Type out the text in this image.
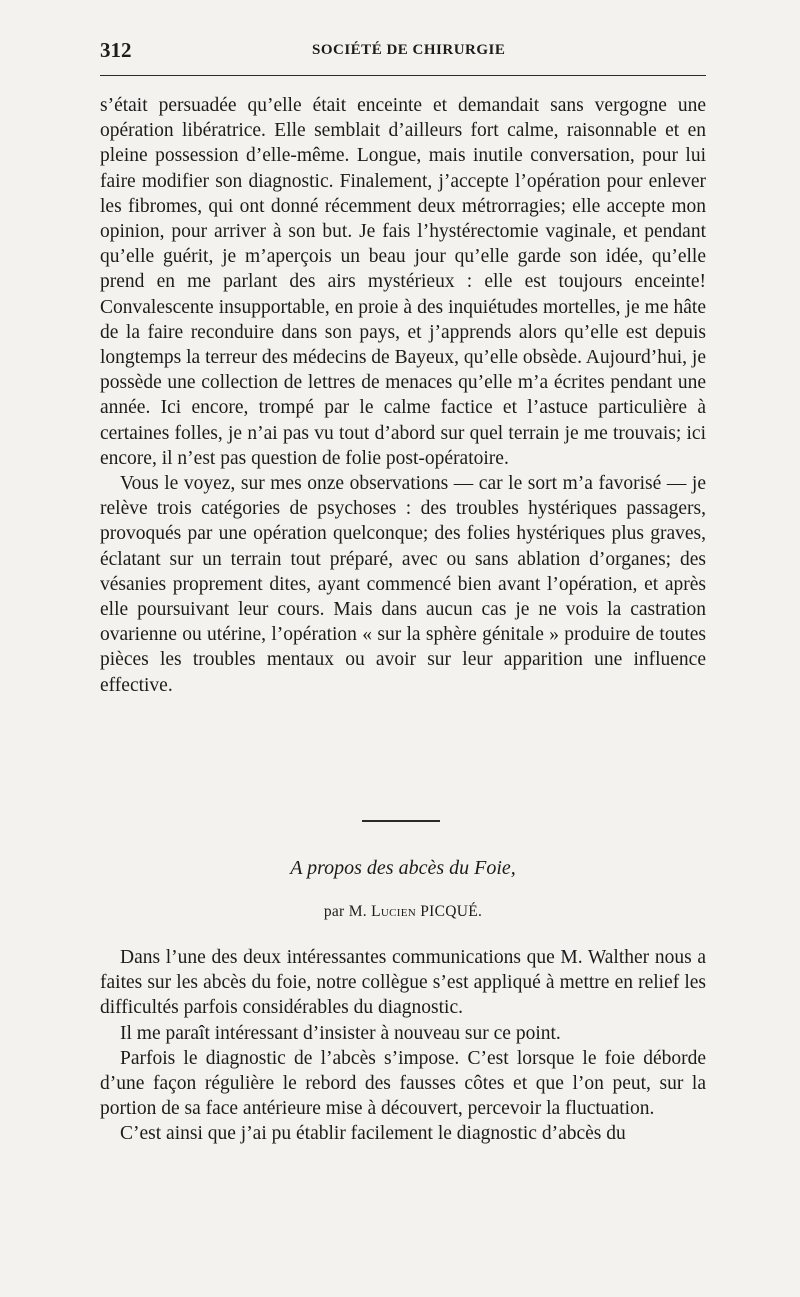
312	SOCIÉTÉ DE CHIRURGIE

s’était persuadée qu’elle était enceinte et demandait sans vergogne une opération libératrice. Elle semblait d’ailleurs fort calme, raisonnable et en pleine possession d’elle-même. Longue, mais inutile conversation, pour lui faire modifier son diagnostic. Finalement, j’accepte l’opération pour enlever les fibromes, qui ont donné récemment deux métrorragies; elle accepte mon opinion, pour arriver à son but. Je fais l’hystérectomie vaginale, et pendant qu’elle guérit, je m’aperçois un beau jour qu’elle garde son idée, qu’elle prend en me parlant des airs mystérieux : elle est toujours enceinte! Convalescente insupportable, en proie à des inquiétudes mortelles, je me hâte de la faire reconduire dans son pays, et j’apprends alors qu’elle est depuis longtemps la terreur des médecins de Bayeux, qu’elle obsède. Aujourd’hui, je possède une collection de lettres de menaces qu’elle m’a écrites pendant une année. Ici encore, trompé par le calme factice et l’astuce particulière à certaines folles, je n’ai pas vu tout d’abord sur quel terrain je me trouvais; ici encore, il n’est pas question de folie post-opératoire.

Vous le voyez, sur mes onze observations — car le sort m’a favorisé — je relève trois catégories de psychoses : des troubles hystériques passagers, provoqués par une opération quelconque; des folies hystériques plus graves, éclatant sur un terrain tout préparé, avec ou sans ablation d’organes; des vésanies proprement dites, ayant commencé bien avant l’opération, et après elle poursuivant leur cours. Mais dans aucun cas je ne vois la castration ovarienne ou utérine, l’opération « sur la sphère génitale » produire de toutes pièces les troubles mentaux ou avoir sur leur apparition une influence effective.

A propos des abcès du Foie,
par M. Lucien PICQUÉ.

Dans l’une des deux intéressantes communications que M. Walther nous a faites sur les abcès du foie, notre collègue s’est appliqué à mettre en relief les difficultés parfois considérables du diagnostic.

Il me paraît intéressant d’insister à nouveau sur ce point.

Parfois le diagnostic de l’abcès s’impose. C’est lorsque le foie déborde d’une façon régulière le rebord des fausses côtes et que l’on peut, sur la portion de sa face antérieure mise à découvert, percevoir la fluctuation.

C’est ainsi que j’ai pu établir facilement le diagnostic d’abcès du
